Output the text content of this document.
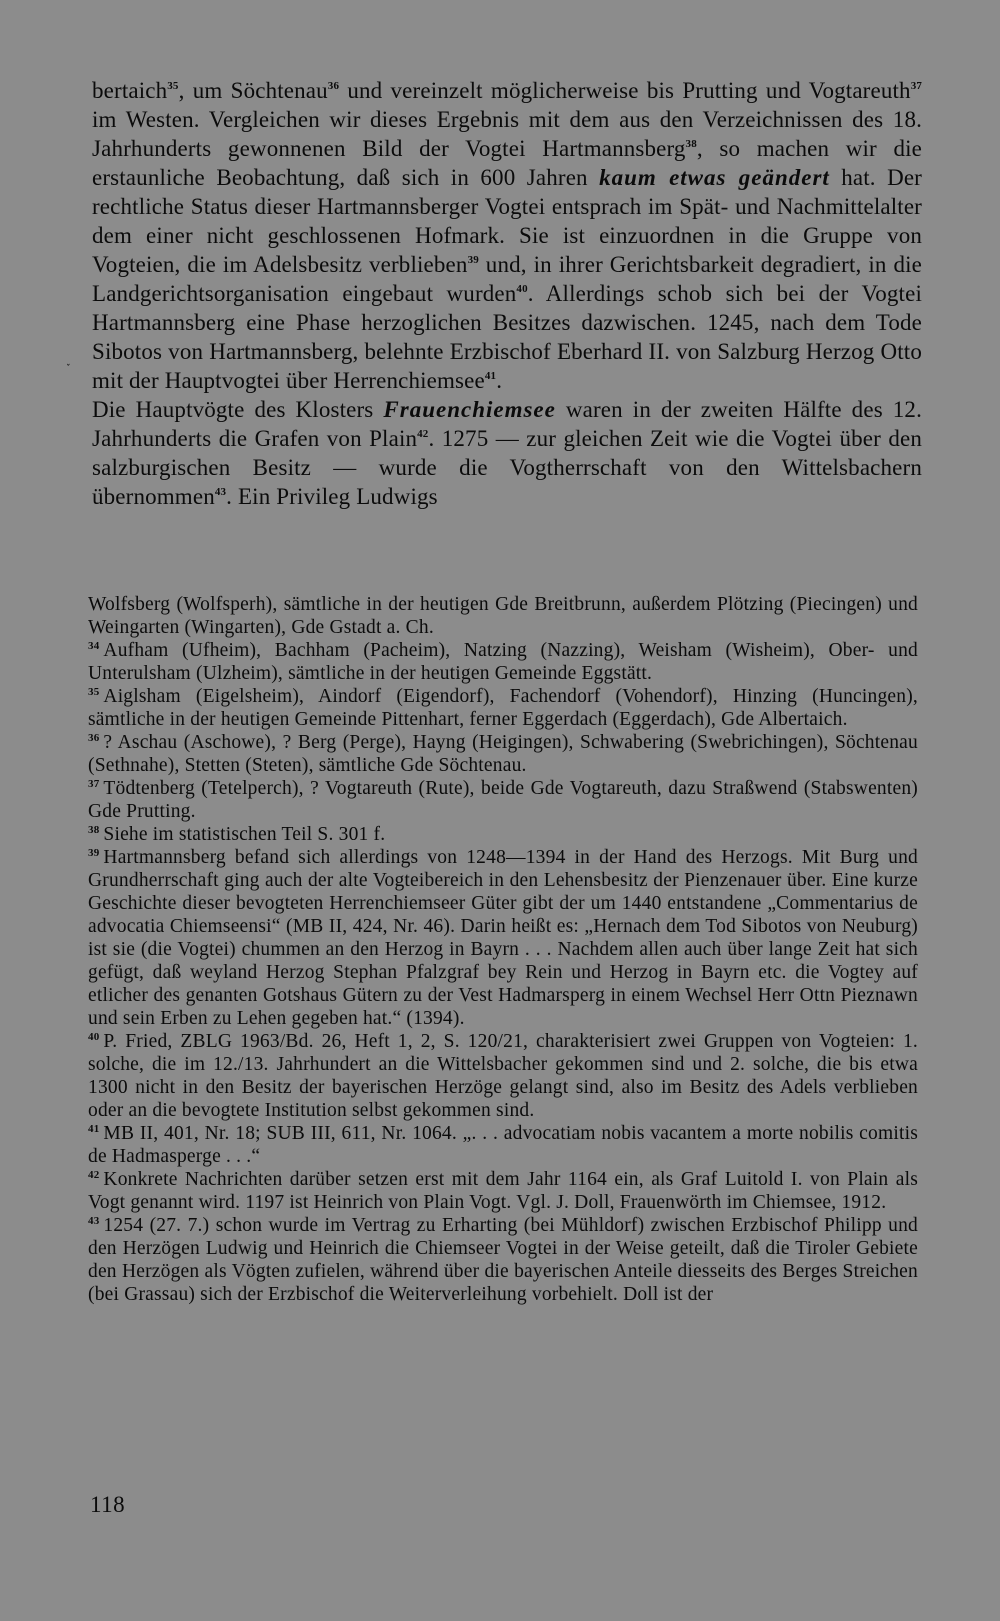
˯

bertaich$^{35}$, um Söchtenau$^{36}$ und vereinzelt möglicherweise bis Prutting und Vogtareuth$^{37}$ im Westen. Vergleichen wir dieses Ergebnis mit dem aus den Verzeichnissen des 18. Jahrhunderts gewonnenen Bild der Vogtei Hartmannsberg$^{38}$, so machen wir die erstaunliche Beobachtung, daß sich in 600 Jahren kaum etwas geändert hat. Der rechtliche Status dieser Hartmannsberger Vogtei entsprach im Spät- und Nachmittelalter dem einer nicht geschlossenen Hofmark. Sie ist einzuordnen in die Gruppe von Vogteien, die im Adelsbesitz verblieben$^{39}$ und, in ihrer Gerichtsbarkeit degradiert, in die Landgerichtsorganisation eingebaut wurden$^{40}$. Allerdings schob sich bei der Vogtei Hartmannsberg eine Phase herzoglichen Besitzes dazwischen. 1245, nach dem Tode Sibotos von Hartmannsberg, belehnte Erzbischof Eberhard II. von Salzburg Herzog Otto mit der Hauptvogtei über Herrenchiemsee$^{41}$.

Die Hauptvögte des Klosters Frauenchiemsee waren in der zweiten Hälfte des 12. Jahrhunderts die Grafen von Plain$^{42}$. 1275 — zur gleichen Zeit wie die Vogtei über den salzburgischen Besitz — wurde die Vogtherrschaft von den Wittelsbachern übernommen$^{43}$. Ein Privileg Ludwigs

Wolfsberg (Wolfsperh), sämtliche in der heutigen Gde Breitbrunn, außerdem Plötzing (Piecingen) und Weingarten (Wingarten), Gde Gstadt a. Ch.

$^{34}$ Aufham (Ufheim), Bachham (Pacheim), Natzing (Nazzing), Weisham (Wisheim), Ober- und Unterulsham (Ulzheim), sämtliche in der heutigen Gemeinde Eggstätt.

$^{35}$ Aiglsham (Eigelsheim), Aindorf (Eigendorf), Fachendorf (Vohendorf), Hinzing (Huncingen), sämtliche in der heutigen Gemeinde Pittenhart, ferner Eggerdach (Eggerdach), Gde Albertaich.

$^{36}$ ? Aschau (Aschowe), ? Berg (Perge), Hayng (Heigingen), Schwabering (Swebrichingen), Söchtenau (Sethnahe), Stetten (Steten), sämtliche Gde Söchtenau.

$^{37}$ Tödtenberg (Tetelperch), ? Vogtareuth (Rute), beide Gde Vogtareuth, dazu Straßwend (Stabswenten) Gde Prutting.

$^{38}$ Siehe im statistischen Teil S. 301 f.

$^{39}$ Hartmannsberg befand sich allerdings von 1248—1394 in der Hand des Herzogs. Mit Burg und Grundherrschaft ging auch der alte Vogteibereich in den Lehensbesitz der Pienzenauer über. Eine kurze Geschichte dieser bevogteten Herrenchiemseer Güter gibt der um 1440 entstandene „Commentarius de advocatia Chiemseensi“ (MB II, 424, Nr. 46). Darin heißt es: „Hernach dem Tod Sibotos von Neuburg) ist sie (die Vogtei) chummen an den Herzog in Bayrn . . . Nachdem allen auch über lange Zeit hat sich gefügt, daß weyland Herzog Stephan Pfalzgraf bey Rein und Herzog in Bayrn etc. die Vogtey auf etlicher des genanten Gotshaus Gütern zu der Vest Hadmarsperg in einem Wechsel Herr Ottn Pieznawn und sein Erben zu Lehen gegeben hat.“ (1394).

$^{40}$ P. Fried, ZBLG 1963/Bd. 26, Heft 1, 2, S. 120/21, charakterisiert zwei Gruppen von Vogteien: 1. solche, die im 12./13. Jahrhundert an die Wittelsbacher gekommen sind und 2. solche, die bis etwa 1300 nicht in den Besitz der bayerischen Herzöge gelangt sind, also im Besitz des Adels verblieben oder an die bevogtete Institution selbst gekommen sind.

$^{41}$ MB II, 401, Nr. 18; SUB III, 611, Nr. 1064. „. . . advocatiam nobis vacantem a morte nobilis comitis de Hadmasperge . . .“

$^{42}$ Konkrete Nachrichten darüber setzen erst mit dem Jahr 1164 ein, als Graf Luitold I. von Plain als Vogt genannt wird. 1197 ist Heinrich von Plain Vogt. Vgl. J. Doll, Frauenwörth im Chiemsee, 1912.

$^{43}$ 1254 (27. 7.) schon wurde im Vertrag zu Erharting (bei Mühldorf) zwischen Erzbischof Philipp und den Herzögen Ludwig und Heinrich die Chiemseer Vogtei in der Weise geteilt, daß die Tiroler Gebiete den Herzögen als Vögten zufielen, während über die bayerischen Anteile diesseits des Berges Streichen (bei Grassau) sich der Erzbischof die Weiterverleihung vorbehielt. Doll ist der

118
